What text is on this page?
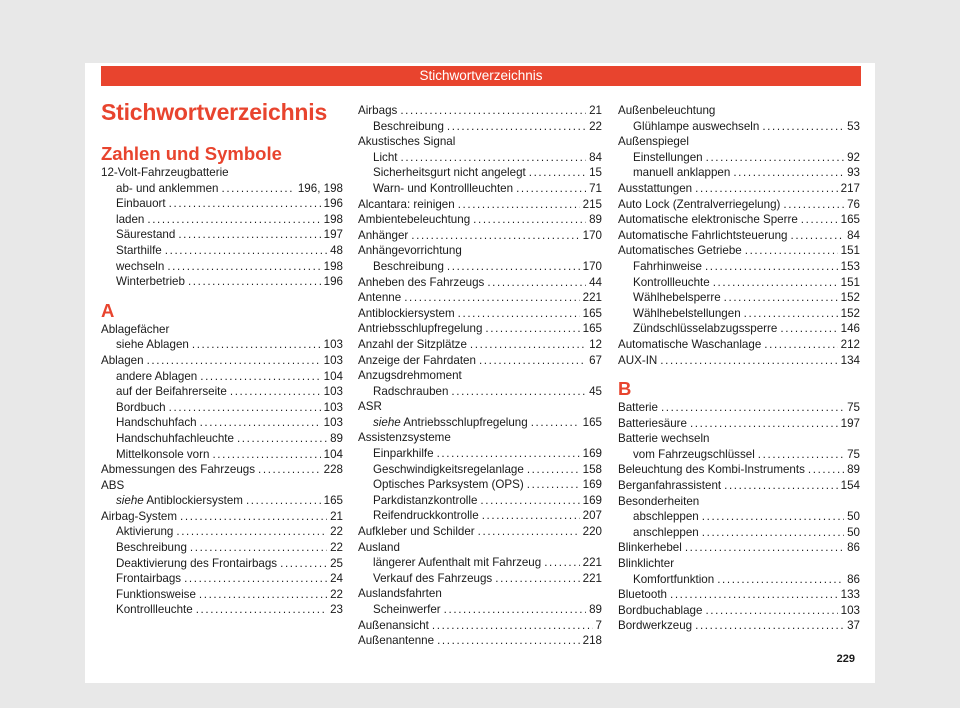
Stichwortverzeichnis
Stichwortverzeichnis
Zahlen und Symbole
12-Volt-Fahrzeugbatterie
ab- und anklemmen . . .	196, 198
Einbauort . . .	196
laden . . .	198
Säurestand . . .	197
Starthilfe . . .	48
wechseln . . .	198
Winterbetrieb . . .	196
A
Ablagefächer
siehe Ablagen . . .	103
Ablagen . . .	103
andere Ablagen . . .	104
auf der Beifahrerseite . . .	103
Bordbuch . . .	103
Handschuhfach . . .	103
Handschuhfachleuchte . . .	89
Mittelkonsole vorn . . .	104
Abmessungen des Fahrzeugs . . .	228
ABS
siehe Antiblockiersystem . . .	165
Airbag-System . . .	21
Aktivierung . . .	22
Beschreibung . . .	22
Deaktivierung des Frontairbags . . .	25
Frontairbags . . .	24
Funktionsweise . . .	22
Kontrollleuchte . . .	23
Airbags . . .	21
Beschreibung . . .	22
Akustisches Signal
Licht . . .	84
Sicherheitsgurt nicht angelegt . . .	15
Warn- und Kontrollleuchten . . .	71
Alcantara: reinigen . . .	215
Ambientebeleuchtung . . .	89
Anhänger . . .	170
Anhängevorrichtung
Beschreibung . . .	170
Anheben des Fahrzeugs . . .	44
Antenne . . .	221
Antiblockiersystem . . .	165
Antriebsschlupfregelung . . .	165
Anzahl der Sitzplätze . . .	12
Anzeige der Fahrdaten . . .	67
Anzugsdrehmoment
Radschrauben . . .	45
ASR
siehe Antriebsschlupfregelung . . .	165
Assistenzsysteme
Einparkhilfe . . .	169
Geschwindigkeitsregelanlage . . .	158
Optisches Parksystem (OPS) . . .	169
Parkdistanzkontrolle . . .	169
Reifendruckkontrolle . . .	207
Aufkleber und Schilder . . .	220
Ausland
längerer Aufenthalt mit Fahrzeug . . .	221
Verkauf des Fahrzeugs . . .	221
Auslandsfahrten
Scheinwerfer . . .	89
Außenansicht . . .	7
Außenantenne . . .	218
Außenbeleuchtung
Glühlampe auswechseln . . .	53
Außenspiegel
Einstellungen . . .	92
manuell anklappen . . .	93
Ausstattungen . . .	217
Auto Lock (Zentralverriegelung) . . .	76
Automatische elektronische Sperre . . .	165
Automatische Fahrlichtsteuerung . . .	84
Automatisches Getriebe . . .	151
Fahrhinweise . . .	153
Kontrollleuchte . . .	151
Wählhebelsperre . . .	152
Wählhebelstellungen . . .	152
Zündschlüsselabzugssperre . . .	146
Automatische Waschanlage . . .	212
AUX-IN . . .	134
B
Batterie . . .	75
Batteriesäure . . .	197
Batterie wechseln
vom Fahrzeugschlüssel . . .	75
Beleuchtung des Kombi-Instruments . . .	89
Berganfahrassistent . . .	154
Besonderheiten
abschleppen . . .	50
anschleppen . . .	50
Blinkerhebel . . .	86
Blinklichter
Komfortfunktion . . .	86
Bluetooth . . .	133
Bordbuchablage . . .	103
Bordwerkzeug . . .	37
229
